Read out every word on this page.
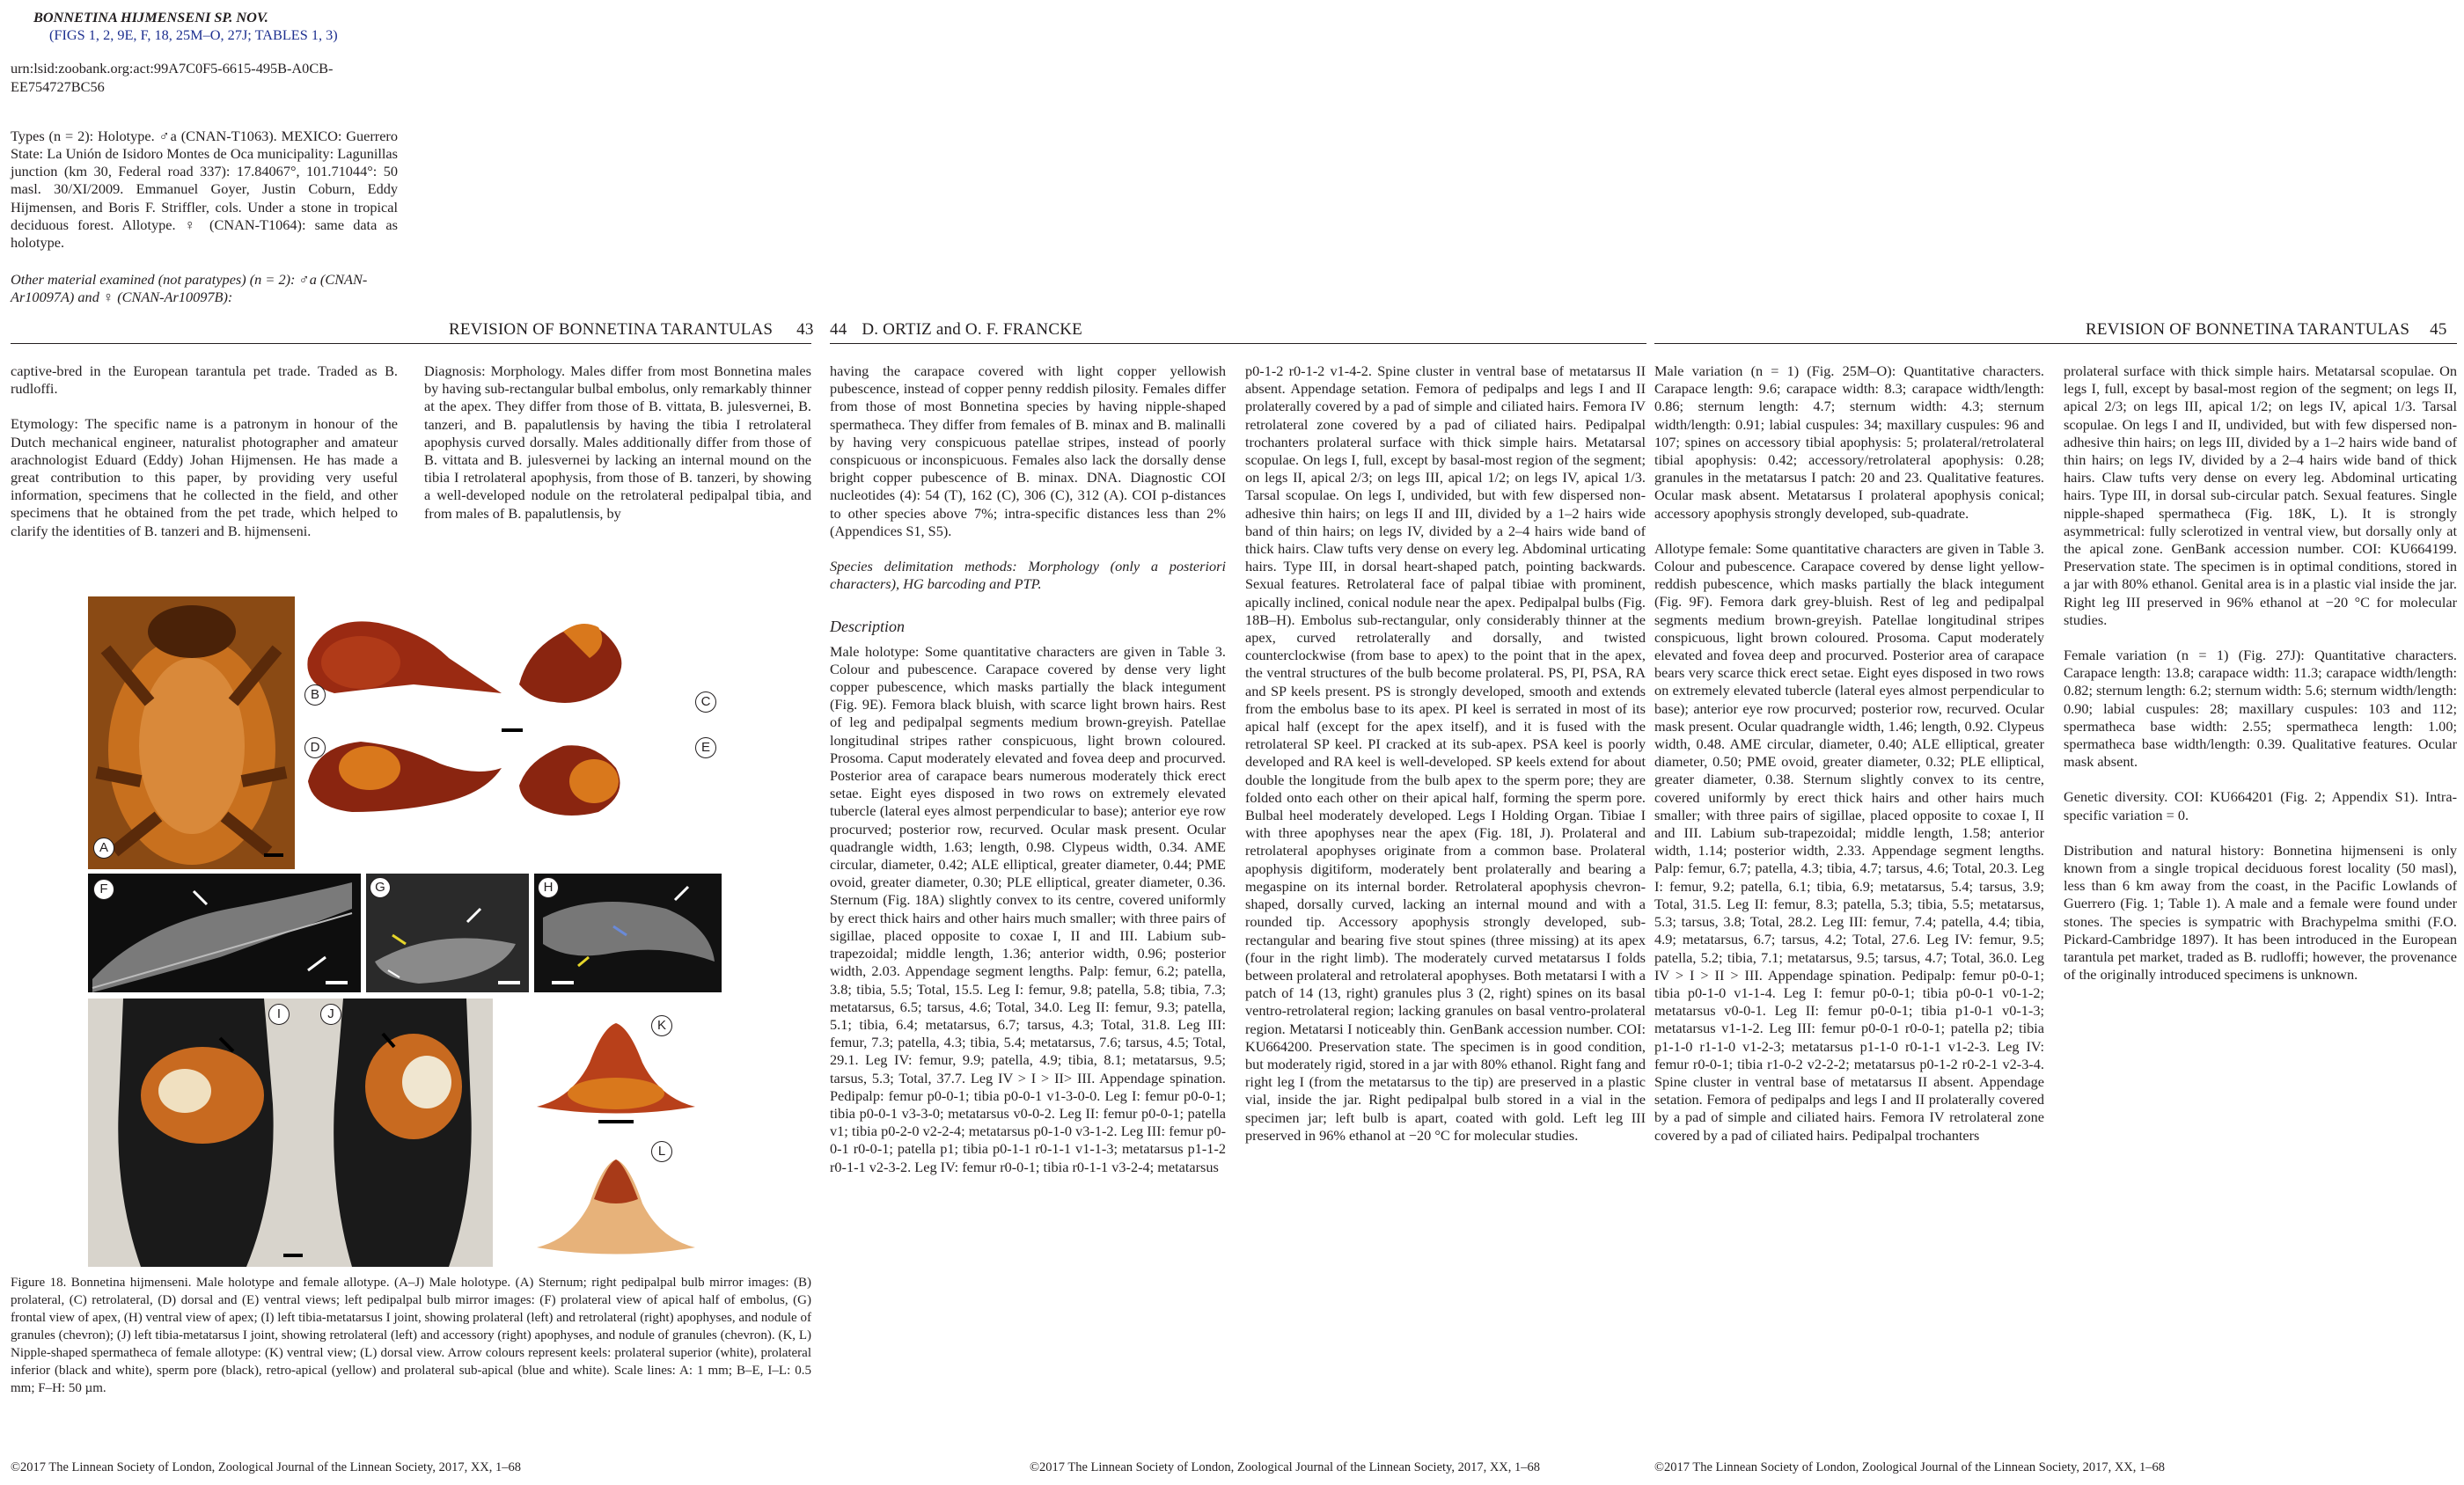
BONNETINA HIJMENSENI SP. NOV.
(FIGS 1, 2, 9E, F, 18, 25M–O, 27J; TABLES 1, 3)

urn:lsid:zoobank.org:act:99A7C0F5-6615-495B-A0CB-EE754727BC56

Types (n = 2): Holotype. ♂a (CNAN-T1063). MEXICO: Guerrero State: La Unión de Isidoro Montes de Oca municipality: Lagunillas junction (km 30, Federal road 337): 17.84067°, 101.71044°: 50 masl. 30/XI/2009. Emmanuel Goyer, Justin Coburn, Eddy Hijmensen, and Boris F. Striffler, cols. Under a stone in tropical deciduous forest. Allotype. ♀ (CNAN-T1064): same data as holotype.

Other material examined (not paratypes) (n = 2): ♂a (CNAN-Ar10097A) and ♀ (CNAN-Ar10097B):

REVISION OF BONNETINA TARANTULAS 43

captive-bred in the European tarantula pet trade. Traded as B. rudloffi.

Etymology: The specific name is a patronym in honour of the Dutch mechanical engineer, naturalist photographer and amateur arachnologist Eduard (Eddy) Johan Hijmensen. He has made a great contribution to this paper, by providing very useful information, specimens that he collected in the field, and other specimens that he obtained from the pet trade, which helped to clarify the identities of B. tanzeri and B. hijmenseni.

Diagnosis: Morphology. Males differ from most Bonnetina males by having sub-rectangular bulbal embolus, only remarkably thinner at the apex. They differ from those of B. vittata, B. julesvernei, B. tanzeri, and B. papalutlensis by having the tibia I retrolateral apophysis curved dorsally. Males additionally differ from those of B. vittata and B. julesvernei by lacking an internal mound on the tibia I retrolateral apophysis, from those of B. tanzeri, by showing a well-developed nodule on the retrolateral pedipalpal tibia, and from males of B. papalutlensis, by

A
B	C
D	E
F	G	H
I	J
K
L
Figure 18. Bonnetina hijmenseni. Male holotype and female allotype. (A–J) Male holotype. (A) Sternum; right pedipalpal bulb mirror images: (B) prolateral, (C) retrolateral, (D) dorsal and (E) ventral views; left pedipalpal bulb mirror images: (F) prolateral view of apical half of embolus, (G) frontal view of apex, (H) ventral view of apex; (I) left tibia-metatarsus I joint, showing prolateral (left) and retrolateral (right) apophyses, and nodule of granules (chevron); (J) left tibia-metatarsus I joint, showing retrolateral (left) and accessory (right) apophyses, and nodule of granules (chevron). (K, L) Nipple-shaped spermatheca of female allotype: (K) ventral view; (L) dorsal view. Arrow colours represent keels: prolateral superior (white), prolateral inferior (black and white), sperm pore (black), retro-apical (yellow) and prolateral sub-apical (blue and white). Scale lines: A: 1 mm; B–E, I–L: 0.5 mm; F–H: 50 µm.
©2017 The Linnean Society of London, Zoological Journal of the Linnean Society, 2017, XX, 1–68
44 D. ORTIZ and O. F. FRANCKE

having the carapace covered with light copper yellowish pubescence, instead of copper penny reddish pilosity. Females differ from those of most Bonnetina species by having nipple-shaped spermatheca. They differ from females of B. minax and B. malinalli by having very conspicuous patellae stripes, instead of poorly conspicuous or inconspicuous. Females also lack the dorsally dense bright copper pubescence of B. minax. DNA. Diagnostic COI nucleotides (4): 54 (T), 162 (C), 306 (C), 312 (A). COI p-distances to other species above 7%; intra-specific distances less than 2% (Appendices S1, S5).

Species delimitation methods: Morphology (only a posteriori characters), HG barcoding and PTP.

Description

Male holotype: Some quantitative characters are given in Table 3. Colour and pubescence. Carapace covered by dense very light copper pubescence, which masks partially the black integument (Fig. 9E). Femora black bluish, with scarce light brown hairs. Rest of leg and pedipalpal segments medium brown-greyish. Patellae longitudinal stripes rather conspicuous, light brown coloured. Prosoma. Caput moderately elevated and fovea deep and procurved. Posterior area of carapace bears numerous moderately thick erect setae. Eight eyes disposed in two rows on extremely elevated tubercle (lateral eyes almost perpendicular to base); anterior eye row procurved; posterior row, recurved. Ocular mask present. Ocular quadrangle width, 1.63; length, 0.98. Clypeus width, 0.34. AME circular, diameter, 0.42; ALE elliptical, greater diameter, 0.44; PME ovoid, greater diameter, 0.30; PLE elliptical, greater diameter, 0.36. Sternum (Fig. 18A) slightly convex to its centre, covered uniformly by erect thick hairs and other hairs much smaller; with three pairs of sigillae, placed opposite to coxae I, II and III. Labium sub-trapezoidal; middle length, 1.36; anterior width, 0.96; posterior width, 2.03. Appendage segment lengths. Palp: femur, 6.2; patella, 3.8; tibia, 5.5; Total, 15.5. Leg I: femur, 9.8; patella, 5.8; tibia, 7.3; metatarsus, 6.5; tarsus, 4.6; Total, 34.0. Leg II: femur, 9.3; patella, 5.1; tibia, 6.4; metatarsus, 6.7; tarsus, 4.3; Total, 31.8. Leg III: femur, 7.3; patella, 4.3; tibia, 5.4; metatarsus, 7.6; tarsus, 4.5; Total, 29.1. Leg IV: femur, 9.9; patella, 4.9; tibia, 8.1; metatarsus, 9.5; tarsus, 5.3; Total, 37.7. Leg IV > I > II> III. Appendage spination. Pedipalp: femur p0-0-1; tibia p0-0-1 v1-3-0-0. Leg I: femur p0-0-1; tibia p0-0-1 v3-3-0; metatarsus v0-0-2. Leg II: femur p0-0-1; patella v1; tibia p0-2-0 v2-2-4; metatarsus p0-1-0 v3-1-2. Leg III: femur p0-0-1 r0-0-1; patella p1; tibia p0-1-1 r0-1-1 v1-1-3; metatarsus p1-1-2 r0-1-1 v2-3-2. Leg IV: femur r0-0-1; tibia r0-1-1 v3-2-4; metatarsus

p0-1-2 r0-1-2 v1-4-2. Spine cluster in ventral base of metatarsus II absent. Appendage setation. Femora of pedipalps and legs I and II prolaterally covered by a pad of simple and ciliated hairs. Femora IV retrolateral zone covered by a pad of ciliated hairs. Pedipalpal trochanters prolateral surface with thick simple hairs. Metatarsal scopulae. On legs I, full, except by basal-most region of the segment; on legs II, apical 2/3; on legs III, apical 1/2; on legs IV, apical 1/3. Tarsal scopulae. On legs I, undivided, but with few dispersed non-adhesive thin hairs; on legs II and III, divided by a 1–2 hairs wide band of thin hairs; on legs IV, divided by a 2–4 hairs wide band of thick hairs. Claw tufts very dense on every leg. Abdominal urticating hairs. Type III, in dorsal heart-shaped patch, pointing backwards. Sexual features. Retrolateral face of palpal tibiae with prominent, apically inclined, conical nodule near the apex. Pedipalpal bulbs (Fig. 18B–H). Embolus sub-rectangular, only considerably thinner at the apex, curved retrolaterally and dorsally, and twisted counterclockwise (from base to apex) to the point that in the apex, the ventral structures of the bulb become prolateral. PS, PI, PSA, RA and SP keels present. PS is strongly developed, smooth and extends from the embolus base to its apex. PI keel is serrated in most of its apical half (except for the apex itself), and it is fused with the retrolateral SP keel. PI cracked at its sub-apex. PSA keel is poorly developed and RA keel is well-developed. SP keels extend for about double the longitude from the bulb apex to the sperm pore; they are folded onto each other on their apical half, forming the sperm pore. Bulbal heel moderately developed. Legs I Holding Organ. Tibiae I with three apophyses near the apex (Fig. 18I, J). Prolateral and retrolateral apophyses originate from a common base. Prolateral apophysis digitiform, moderately bent prolaterally and bearing a megaspine on its internal border. Retrolateral apophysis chevron-shaped, dorsally curved, lacking an internal mound and with a rounded tip. Accessory apophysis strongly developed, sub-rectangular and bearing five stout spines (three missing) at its apex (four in the right limb). The moderately curved metatarsus I folds between prolateral and retrolateral apophyses. Both metatarsi I with a patch of 14 (13, right) granules plus 3 (2, right) spines on its basal ventro-retrolateral region; lacking granules on basal ventro-prolateral region. Metatarsi I noticeably thin. GenBank accession number. COI: KU664200. Preservation state. The specimen is in good condition, but moderately rigid, stored in a jar with 80% ethanol. Right fang and right leg I (from the metatarsus to the tip) are preserved in a plastic vial, inside the jar. Right pedipalpal bulb stored in a vial in the specimen jar; left bulb is apart, coated with gold. Left leg III preserved in 96% ethanol at −20 °C for molecular studies.

©2017 The Linnean Society of London, Zoological Journal of the Linnean Society, 2017, XX, 1–68
REVISION OF BONNETINA TARANTULAS 45

Male variation (n = 1) (Fig. 25M–O): Quantitative characters. Carapace length: 9.6; carapace width: 8.3; carapace width/length: 0.86; sternum length: 4.7; sternum width: 4.3; sternum width/length: 0.91; labial cuspules: 34; maxillary cuspules: 96 and 107; spines on accessory tibial apophysis: 5; prolateral/retrolateral tibial apophysis: 0.42; accessory/retrolateral apophysis: 0.28; granules in the metatarsus I patch: 20 and 23. Qualitative features. Ocular mask absent. Metatarsus I prolateral apophysis conical; accessory apophysis strongly developed, sub-quadrate.

Allotype female: Some quantitative characters are given in Table 3. Colour and pubescence. Carapace covered by dense light yellow-reddish pubescence, which masks partially the black integument (Fig. 9F). Femora dark grey-bluish. Rest of leg and pedipalpal segments medium brown-greyish. Patellae longitudinal stripes conspicuous, light brown coloured. Prosoma. Caput moderately elevated and fovea deep and procurved. Posterior area of carapace bears very scarce thick erect setae. Eight eyes disposed in two rows on extremely elevated tubercle (lateral eyes almost perpendicular to base); anterior eye row procurved; posterior row, recurved. Ocular mask present. Ocular quadrangle width, 1.46; length, 0.92. Clypeus width, 0.48. AME circular, diameter, 0.40; ALE elliptical, greater diameter, 0.50; PME ovoid, greater diameter, 0.32; PLE elliptical, greater diameter, 0.38. Sternum slightly convex to its centre, covered uniformly by erect thick hairs and other hairs much smaller; with three pairs of sigillae, placed opposite to coxae I, II and III. Labium sub-trapezoidal; middle length, 1.58; anterior width, 1.14; posterior width, 2.33. Appendage segment lengths. Palp: femur, 6.7; patella, 4.3; tibia, 4.7; tarsus, 4.6; Total, 20.3. Leg I: femur, 9.2; patella, 6.1; tibia, 6.9; metatarsus, 5.4; tarsus, 3.9; Total, 31.5. Leg II: femur, 8.3; patella, 5.3; tibia, 5.5; metatarsus, 5.3; tarsus, 3.8; Total, 28.2. Leg III: femur, 7.4; patella, 4.4; tibia, 4.9; metatarsus, 6.7; tarsus, 4.2; Total, 27.6. Leg IV: femur, 9.5; patella, 5.2; tibia, 7.1; metatarsus, 9.5; tarsus, 4.7; Total, 36.0. Leg IV > I > II > III. Appendage spination. Pedipalp: femur p0-0-1; tibia p0-1-0 v1-1-4. Leg I: femur p0-0-1; tibia p0-0-1 v0-1-2; metatarsus v0-0-1. Leg II: femur p0-0-1; tibia p1-0-1 v0-1-3; metatarsus v1-1-2. Leg III: femur p0-0-1 r0-0-1; patella p2; tibia p1-1-0 r1-1-0 v1-2-3; metatarsus p1-1-0 r0-1-1 v1-2-3. Leg IV: femur r0-0-1; tibia r1-0-2 v2-2-2; metatarsus p0-1-2 r0-2-1 v2-3-4. Spine cluster in ventral base of metatarsus II absent. Appendage setation. Femora of pedipalps and legs I and II prolaterally covered by a pad of simple and ciliated hairs. Femora IV retrolateral zone covered by a pad of ciliated hairs. Pedipalpal trochanters

prolateral surface with thick simple hairs. Metatarsal scopulae. On legs I, full, except by basal-most region of the segment; on legs II, apical 2/3; on legs III, apical 1/2; on legs IV, apical 1/3. Tarsal scopulae. On legs I and II, undivided, but with few dispersed non-adhesive thin hairs; on legs III, divided by a 1–2 hairs wide band of thin hairs; on legs IV, divided by a 2–4 hairs wide band of thick hairs. Claw tufts very dense on every leg. Abdominal urticating hairs. Type III, in dorsal sub-circular patch. Sexual features. Single nipple-shaped spermatheca (Fig. 18K, L). It is strongly asymmetrical: fully sclerotized in ventral view, but dorsally only at the apical zone. GenBank accession number. COI: KU664199. Preservation state. The specimen is in optimal conditions, stored in a jar with 80% ethanol. Genital area is in a plastic vial inside the jar. Right leg III preserved in 96% ethanol at −20 °C for molecular studies.

Female variation (n = 1) (Fig. 27J): Quantitative characters. Carapace length: 13.8; carapace width: 11.3; carapace width/length: 0.82; sternum length: 6.2; sternum width: 5.6; sternum width/length: 0.90; labial cuspules: 28; maxillary cuspules: 103 and 112; spermatheca base width: 2.55; spermatheca length: 1.00; spermatheca base width/length: 0.39. Qualitative features. Ocular mask absent.

Genetic diversity. COI: KU664201 (Fig. 2; Appendix S1). Intra-specific variation = 0.

Distribution and natural history: Bonnetina hijmenseni is only known from a single tropical deciduous forest locality (50 masl), less than 6 km away from the coast, in the Pacific Lowlands of Guerrero (Fig. 1; Table 1). A male and a female were found under stones. The species is sympatric with Brachypelma smithi (F.O. Pickard-Cambridge 1897). It has been introduced in the European tarantula pet market, traded as B. rudloffi; however, the provenance of the originally introduced specimens is unknown.

©2017 The Linnean Society of London, Zoological Journal of the Linnean Society, 2017, XX, 1–68
